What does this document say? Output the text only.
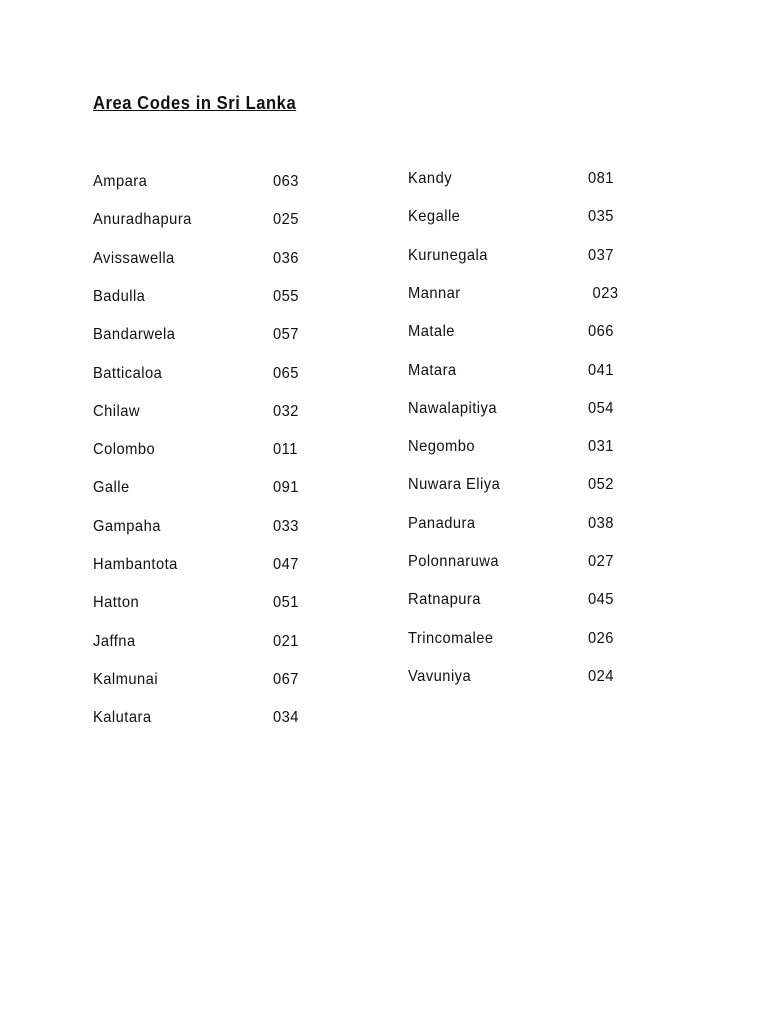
Area Codes in Sri Lanka
Ampara	063
Anuradhapura	025
Avissawella	036
Badulla	055
Bandarwela	057
Batticaloa	065
Chilaw	032
Colombo	011
Galle	091
Gampaha	033
Hambantota	047
Hatton	051
Jaffna	021
Kalmunai	067
Kalutara	034
Kandy	081
Kegalle	035
Kurunegala	037
Mannar	023
Matale	066
Matara	041
Nawalapitiya	054
Negombo	031
Nuwara Eliya	052
Panadura	038
Polonnaruwa	027
Ratnapura	045
Trincomalee	026
Vavuniya	024
